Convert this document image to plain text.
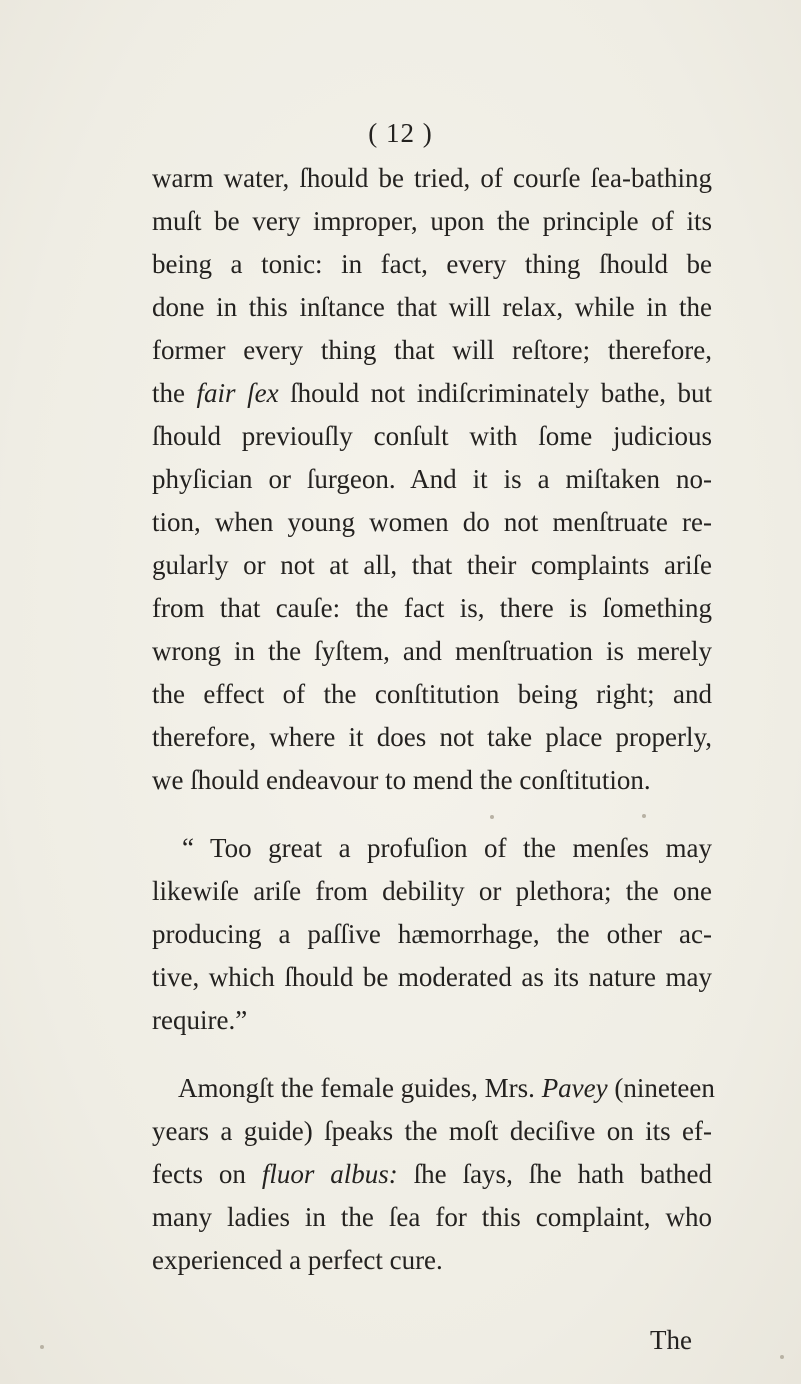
( 12 )
warm water, ſhould be tried, of courſe ſea-bathing
muſt be very improper, upon the principle of its
being a tonic: in fact, every thing ſhould be
done in this inſtance that will relax, while in the
former every thing that will reſtore; therefore,
the fair ſex ſhould not indiſcriminately bathe, but
ſhould previouſly conſult with ſome judicious
phyſician or ſurgeon. And it is a miſtaken no-
tion, when young women do not menſtruate re-
gularly or not at all, that their complaints ariſe
from that cauſe: the fact is, there is ſomething
wrong in the ſyſtem, and menſtruation is merely
the effect of the conſtitution being right; and
therefore, where it does not take place properly,
we ſhould endeavour to mend the conſtitution.
“ Too great a profuſion of the menſes may
likewiſe ariſe from debility or plethora; the one
producing a paſſive hæmorrhage, the other ac-
tive, which ſhould be moderated as its nature may
require.”
Amongſt the female guides, Mrs. Pavey (nineteen
years a guide) ſpeaks the moſt deciſive on its ef-
fects on fluor albus: ſhe ſays, ſhe hath bathed
many ladies in the ſea for this complaint, who
experienced a perfect cure.
The
